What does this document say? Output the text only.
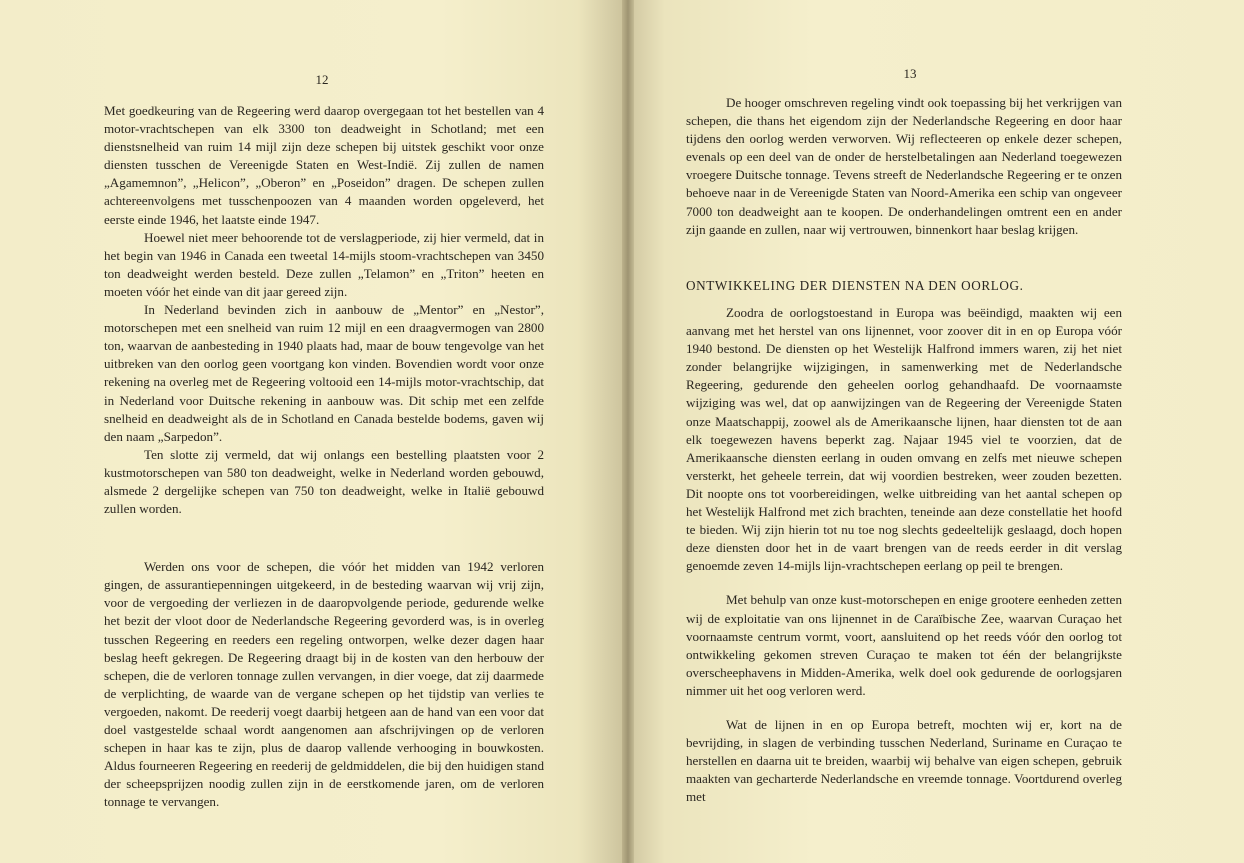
12

Met goedkeuring van de Regeering werd daarop overgegaan tot het bestellen van 4 motor-vrachtschepen van elk 3300 ton deadweight in Schotland; met een dienstsnelheid van ruim 14 mijl zijn deze schepen bij uitstek geschikt voor onze diensten tusschen de Vereenigde Staten en West-Indië. Zij zullen de namen „Agamemnon”, „Helicon”, „Oberon” en „Poseidon” dragen. De schepen zullen achtereenvolgens met tusschenpoozen van 4 maanden worden opgeleverd, het eerste einde 1946, het laatste einde 1947.

Hoewel niet meer behoorende tot de verslagperiode, zij hier vermeld, dat in het begin van 1946 in Canada een tweetal 14-mijls stoom-vrachtschepen van 3450 ton deadweight werden besteld. Deze zullen „Telamon” en „Triton” heeten en moeten vóór het einde van dit jaar gereed zijn.

In Nederland bevinden zich in aanbouw de „Mentor” en „Nestor”, motorschepen met een snelheid van ruim 12 mijl en een draagvermogen van 2800 ton, waarvan de aanbesteding in 1940 plaats had, maar de bouw tengevolge van het uitbreken van den oorlog geen voortgang kon vinden. Bovendien wordt voor onze rekening na overleg met de Regeering voltooid een 14-mijls motor-vrachtschip, dat in Nederland voor Duitsche rekening in aanbouw was. Dit schip met een zelfde snelheid en deadweight als de in Schotland en Canada bestelde bodems, gaven wij den naam „Sarpedon”.

Ten slotte zij vermeld, dat wij onlangs een bestelling plaatsten voor 2 kustmotorschepen van 580 ton deadweight, welke in Nederland worden gebouwd, alsmede 2 dergelijke schepen van 750 ton deadweight, welke in Italië gebouwd zullen worden.

Werden ons voor de schepen, die vóór het midden van 1942 verloren gingen, de assurantiepenningen uitgekeerd, in de besteding waarvan wij vrij zijn, voor de vergoeding der verliezen in de daaropvolgende periode, gedurende welke het bezit der vloot door de Nederlandsche Regeering gevorderd was, is in overleg tusschen Regeering en reeders een regeling ontworpen, welke dezer dagen haar beslag heeft gekregen. De Regeering draagt bij in de kosten van den herbouw der schepen, die de verloren tonnage zullen vervangen, in dier voege, dat zij daarmede de verplichting, de waarde van de vergane schepen op het tijdstip van verlies te vergoeden, nakomt. De reederij voegt daarbij hetgeen aan de hand van een voor dat doel vastgestelde schaal wordt aangenomen aan afschrijvingen op de verloren schepen in haar kas te zijn, plus de daarop vallende verhooging in bouwkosten. Aldus fourneeren Regeering en reederij de geldmiddelen, die bij den huidigen stand der scheepsprijzen noodig zullen zijn in de eerstkomende jaren, om de verloren tonnage te vervangen.

13

De hooger omschreven regeling vindt ook toepassing bij het verkrijgen van schepen, die thans het eigendom zijn der Nederlandsche Regeering en door haar tijdens den oorlog werden verworven. Wij reflecteeren op enkele dezer schepen, evenals op een deel van de onder de herstelbetalingen aan Nederland toegewezen vroegere Duitsche tonnage. Tevens streeft de Nederlandsche Regeering er te onzen behoeve naar in de Vereenigde Staten van Noord-Amerika een schip van ongeveer 7000 ton deadweight aan te koopen. De onderhandelingen omtrent een en ander zijn gaande en zullen, naar wij vertrouwen, binnenkort haar beslag krijgen.

ONTWIKKELING DER DIENSTEN NA DEN OORLOG.

Zoodra de oorlogstoestand in Europa was beëindigd, maakten wij een aanvang met het herstel van ons lijnennet, voor zoover dit in en op Europa vóór 1940 bestond. De diensten op het Westelijk Halfrond immers waren, zij het niet zonder belangrijke wijzigingen, in samenwerking met de Nederlandsche Regeering, gedurende den geheelen oorlog gehandhaafd. De voornaamste wijziging was wel, dat op aanwijzingen van de Regeering der Vereenigde Staten onze Maatschappij, zoowel als de Amerikaansche lijnen, haar diensten tot de aan elk toegewezen havens beperkt zag. Najaar 1945 viel te voorzien, dat de Amerikaansche diensten eerlang in ouden omvang en zelfs met nieuwe schepen versterkt, het geheele terrein, dat wij voordien bestreken, weer zouden bezetten. Dit noopte ons tot voorbereidingen, welke uitbreiding van het aantal schepen op het Westelijk Halfrond met zich brachten, teneinde aan deze constellatie het hoofd te bieden. Wij zijn hierin tot nu toe nog slechts gedeeltelijk geslaagd, doch hopen deze diensten door het in de vaart brengen van de reeds eerder in dit verslag genoemde zeven 14-mijls lijn-vrachtschepen eerlang op peil te brengen.

Met behulp van onze kust-motorschepen en enige grootere eenheden zetten wij de exploitatie van ons lijnennet in de Caraïbische Zee, waarvan Curaçao het voornaamste centrum vormt, voort, aansluitend op het reeds vóór den oorlog tot ontwikkeling gekomen streven Curaçao te maken tot één der belangrijkste overscheephavens in Midden-Amerika, welk doel ook gedurende de oorlogsjaren nimmer uit het oog verloren werd.

Wat de lijnen in en op Europa betreft, mochten wij er, kort na de bevrijding, in slagen de verbinding tusschen Nederland, Suriname en Curaçao te herstellen en daarna uit te breiden, waarbij wij behalve van eigen schepen, gebruik maakten van gecharterde Nederlandsche en vreemde tonnage. Voortdurend overleg met
